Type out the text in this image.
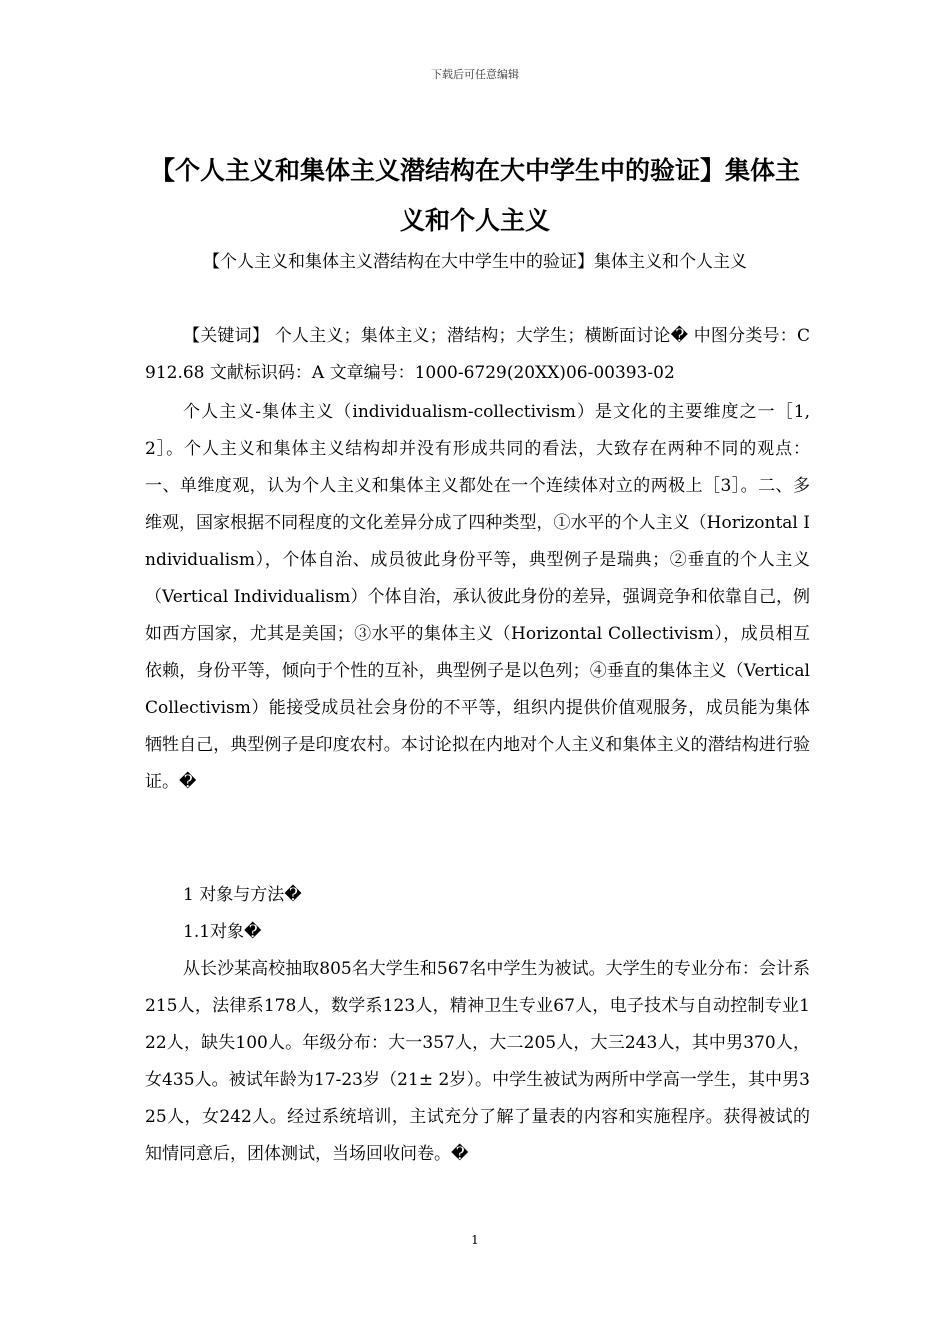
下载后可任意编辑
【个人主义和集体主义潜结构在大中学生中的验证】集体主义和个人主义
【个人主义和集体主义潜结构在大中学生中的验证】集体主义和个人主义

【关键词】 个人主义；集体主义；潜结构；大学生；横断面讨论� 中图分类号：C912.68 文献标识码：A 文章编号：1000-6729(20XX)06-00393-02

个人主义-集体主义（individualism-collectivism）是文化的主要维度之一［1,2］。个人主义和集体主义结构却并没有形成共同的看法，大致存在两种不同的观点：一、单维度观，认为个人主义和集体主义都处在一个连续体对立的两极上［3］。二、多维观，国家根据不同程度的文化差异分成了四种类型，①水平的个人主义（Horizontal Individualism），个体自治、成员彼此身份平等，典型例子是瑞典；②垂直的个人主义（Vertical Individualism）个体自治，承认彼此身份的差异，强调竞争和依靠自己，例如西方国家，尤其是美国；③水平的集体主义（Horizontal Collectivism），成员相互依赖，身份平等，倾向于个性的互补，典型例子是以色列；④垂直的集体主义（Vertical Collectivism）能接受成员社会身份的不平等，组织内提供价值观服务，成员能为集体牺牲自己，典型例子是印度农村。本讨论拟在内地对个人主义和集体主义的潜结构进行验证。�

1 对象与方法�

1.1对象�

从长沙某高校抽取805名大学生和567名中学生为被试。大学生的专业分布：会计系215人，法律系178人，数学系123人，精神卫生专业67人，电子技术与自动控制专业122人，缺失100人。年级分布：大一357人，大二205人，大三243人，其中男370人，女435人。被试年龄为17-23岁（21± 2岁）。中学生被试为两所中学高一学生，其中男325人，女242人。经过系统培训，主试充分了解了量表的内容和实施程序。获得被试的知情同意后，团体测试，当场回收问卷。�

1
